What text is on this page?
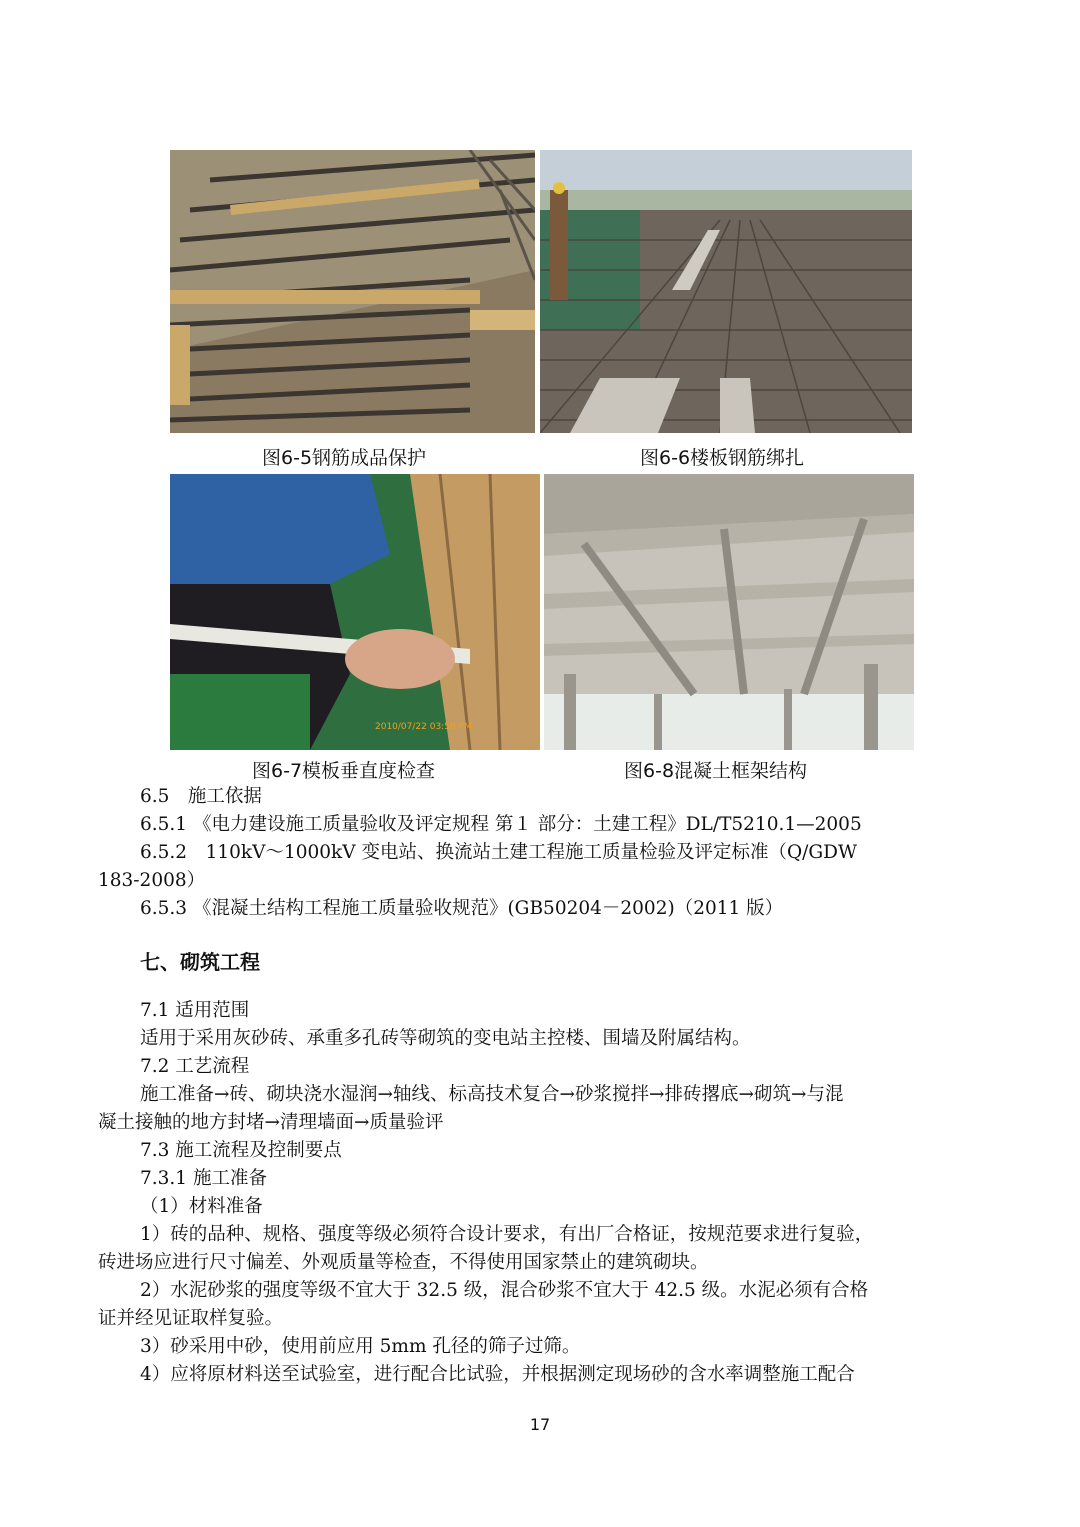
图6-5钢筋成品保护	图6-6楼板钢筋绑扎
2010/07/22 03:50 PM
图6-7模板垂直度检查	图6-8混凝土框架结构
6.5　施工依据
6.5.1 《电力建设施工质量验收及评定规程 第１ 部分：土建工程》DL/T5210.1—2005
6.5.2　110kV～1000kV 变电站、换流站土建工程施工质量检验及评定标准（Q/GDW
183-2008）
6.5.3 《混凝土结构工程施工质量验收规范》(GB50204－2002)（2011 版）
七、砌筑工程
7.1 适用范围
适用于采用灰砂砖、承重多孔砖等砌筑的变电站主控楼、围墙及附属结构。
7.2 工艺流程
施工准备→砖、砌块浇水湿润→轴线、标高技术复合→砂浆搅拌→排砖撂底→砌筑→与混
凝土接触的地方封堵→清理墙面→质量验评
7.3 施工流程及控制要点
7.3.1 施工准备
（1）材料准备
1）砖的品种、规格、强度等级必须符合设计要求，有出厂合格证，按规范要求进行复验，
砖进场应进行尺寸偏差、外观质量等检查，不得使用国家禁止的建筑砌块。
2）水泥砂浆的强度等级不宜大于 32.5 级，混合砂浆不宜大于 42.5 级。水泥必须有合格
证并经见证取样复验。
3）砂采用中砂，使用前应用 5mm 孔径的筛子过筛。
4）应将原材料送至试验室，进行配合比试验，并根据测定现场砂的含水率调整施工配合
17
